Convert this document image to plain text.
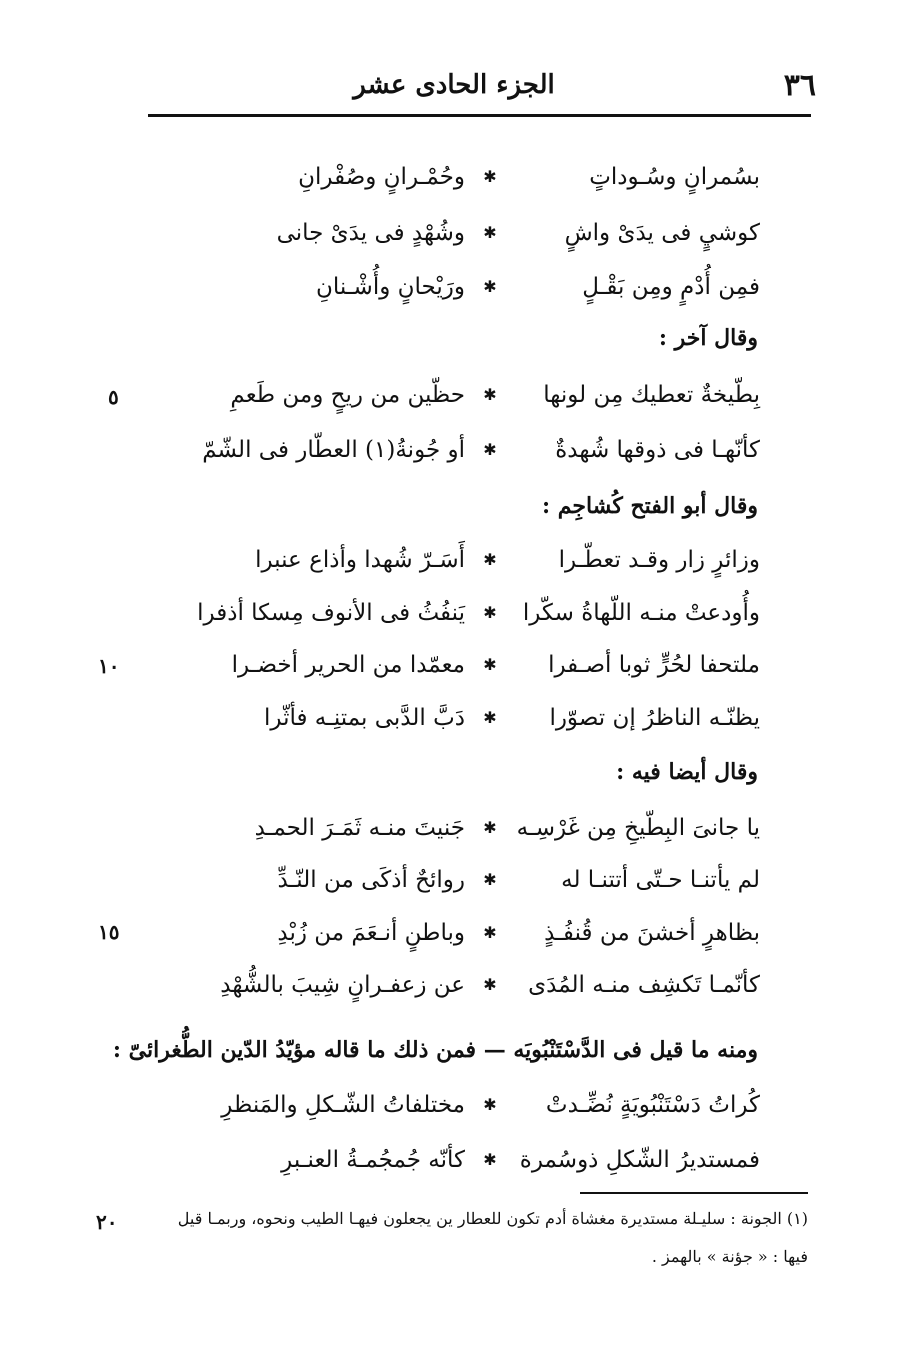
٣٦
الجزء الحادى عشر
بسُمرانٍ وسُـوداتٍ
✱
وحُمْـرانٍ وصُفْرانِ
كوشيٍ فى يدَىْ واشٍ
✱
وشُهْدٍ فى يدَىْ جانى
فمِن أُدْمٍ ومِن بَقْـلٍ
✱
ورَيْحانٍ وأُشْـنانِ
وقال آخر :
بِطّيخةٌ تعطيك مِن لونها
✱
حظّين من ريحٍ ومن طَعمِ
كأنّهـا فى ذوقها شُهدةٌ
✱
أو جُونةُ(١) العطّار فى الشّمّ
وقال أبو الفتح كُشاجِم :
وزائرٍ زار وقـد تعطّـرا
✱
أَسَـرّ شُهدا وأذاع عنبرا
وأُودعتْ منـه اللّهاةُ سكّرا
✱
يَنفُثُ فى الأنوف مِسكا أذفرا
ملتحفا لحُرٍّ ثوبا أصـفرا
✱
معمّدا من الحرير أخضـرا
يظنّـه الناظرُ إن تصوّرا
✱
دَبَّ الدَّبى بمتنِـه فأثّرا
وقال أيضا فيه :
يا جانىَ البِطّيخِ مِن غَرْسِـه
✱
جَنيتَ منـه ثَمَـرَ الحمـدِ
لم يأتنـا حـتّى أتتنـا له
✱
روائحٌ أذكَى من النّـدِّ
بظاهرٍ أخشنَ من قُنفُـذٍ
✱
وباطنٍ أنـعَمَ من زُبْدِ
كأنّمـا تَكشِف منـه المُدَى
✱
عن زعفـرانٍ شِيبَ بالشُّهْدِ
ومنه ما قيل فى الدَّسْتَنْبُويَه — فمن ذلك ما قاله مؤيّدُ الدّين الطُّغرائىّ :
كُراتُ دَسْتَنْبُويَةٍ نُضِّـدتْ
✱
مختلفاتُ الشّـكلِ والمَنظرِ
فمستديرُ الشّكلِ ذوسُمرة
✱
كأنّه جُمجُمـةُ العنـبرِ
٥
١٠
١٥
٢٠	(١) الجونة : سليـلة مستديرة مغشاة أدم تكون للعطار ين يجعلون فيهـا الطيب ونحوه، وربمـا قيل
فيها : « جؤنة » بالهمز .
